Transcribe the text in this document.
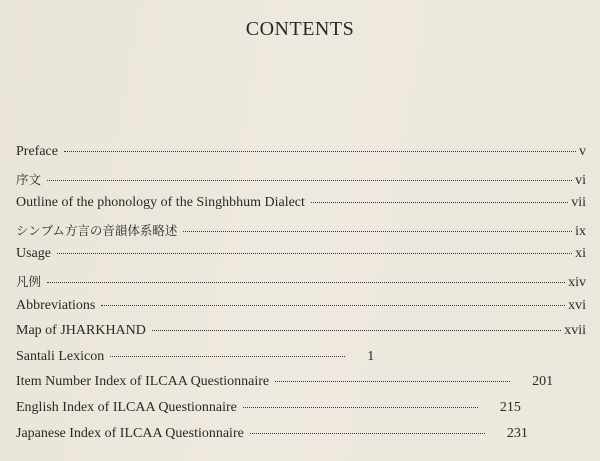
CONTENTS
Preface	v
序文	vi
Outline of the phonology of the Singhbhum Dialect	vii
シンブム方言の音韻体系略述	ix
Usage	xi
凡例	xiv
Abbreviations	xvi
Map of JHARKHAND	xvii
Santali Lexicon	1
Item Number Index of ILCAA Questionnaire	201
English Index of ILCAA Questionnaire	215
Japanese Index of ILCAA Questionnaire	231
